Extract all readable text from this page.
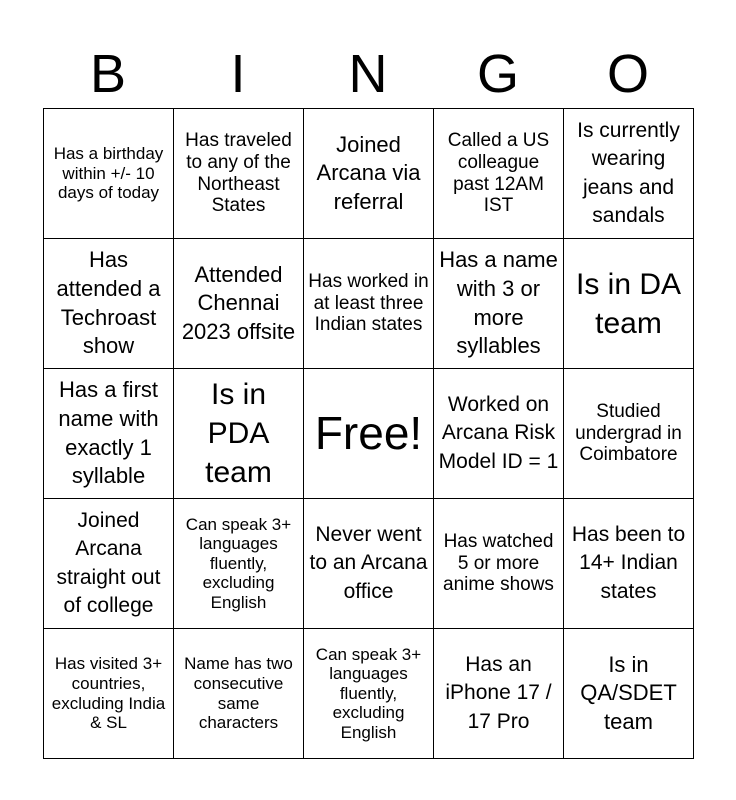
B	I	N	G	O
Has a birthday within +/- 10 days of today	Has traveled to any of the Northeast States	Joined Arcana via referral	Called a US colleague past 12AM IST	Is currently wearing jeans and sandals
Has attended a Techroast show	Attended Chennai 2023 offsite	Has worked in at least three Indian states	Has a name with 3 or more syllables	Is in DA team
Has a first name with exactly 1 syllable	Is in PDA team	Free!	Worked on Arcana Risk Model ID = 1	Studied undergrad in Coimbatore
Joined Arcana straight out of college	Can speak 3+ languages fluently, excluding English	Never went to an Arcana office	Has watched 5 or more anime shows	Has been to 14+ Indian states
Has visited 3+ countries, excluding India & SL	Name has two consecutive same characters	Can speak 3+ languages fluently, excluding English	Has an iPhone 17 / 17 Pro	Is in QA/SDET team
